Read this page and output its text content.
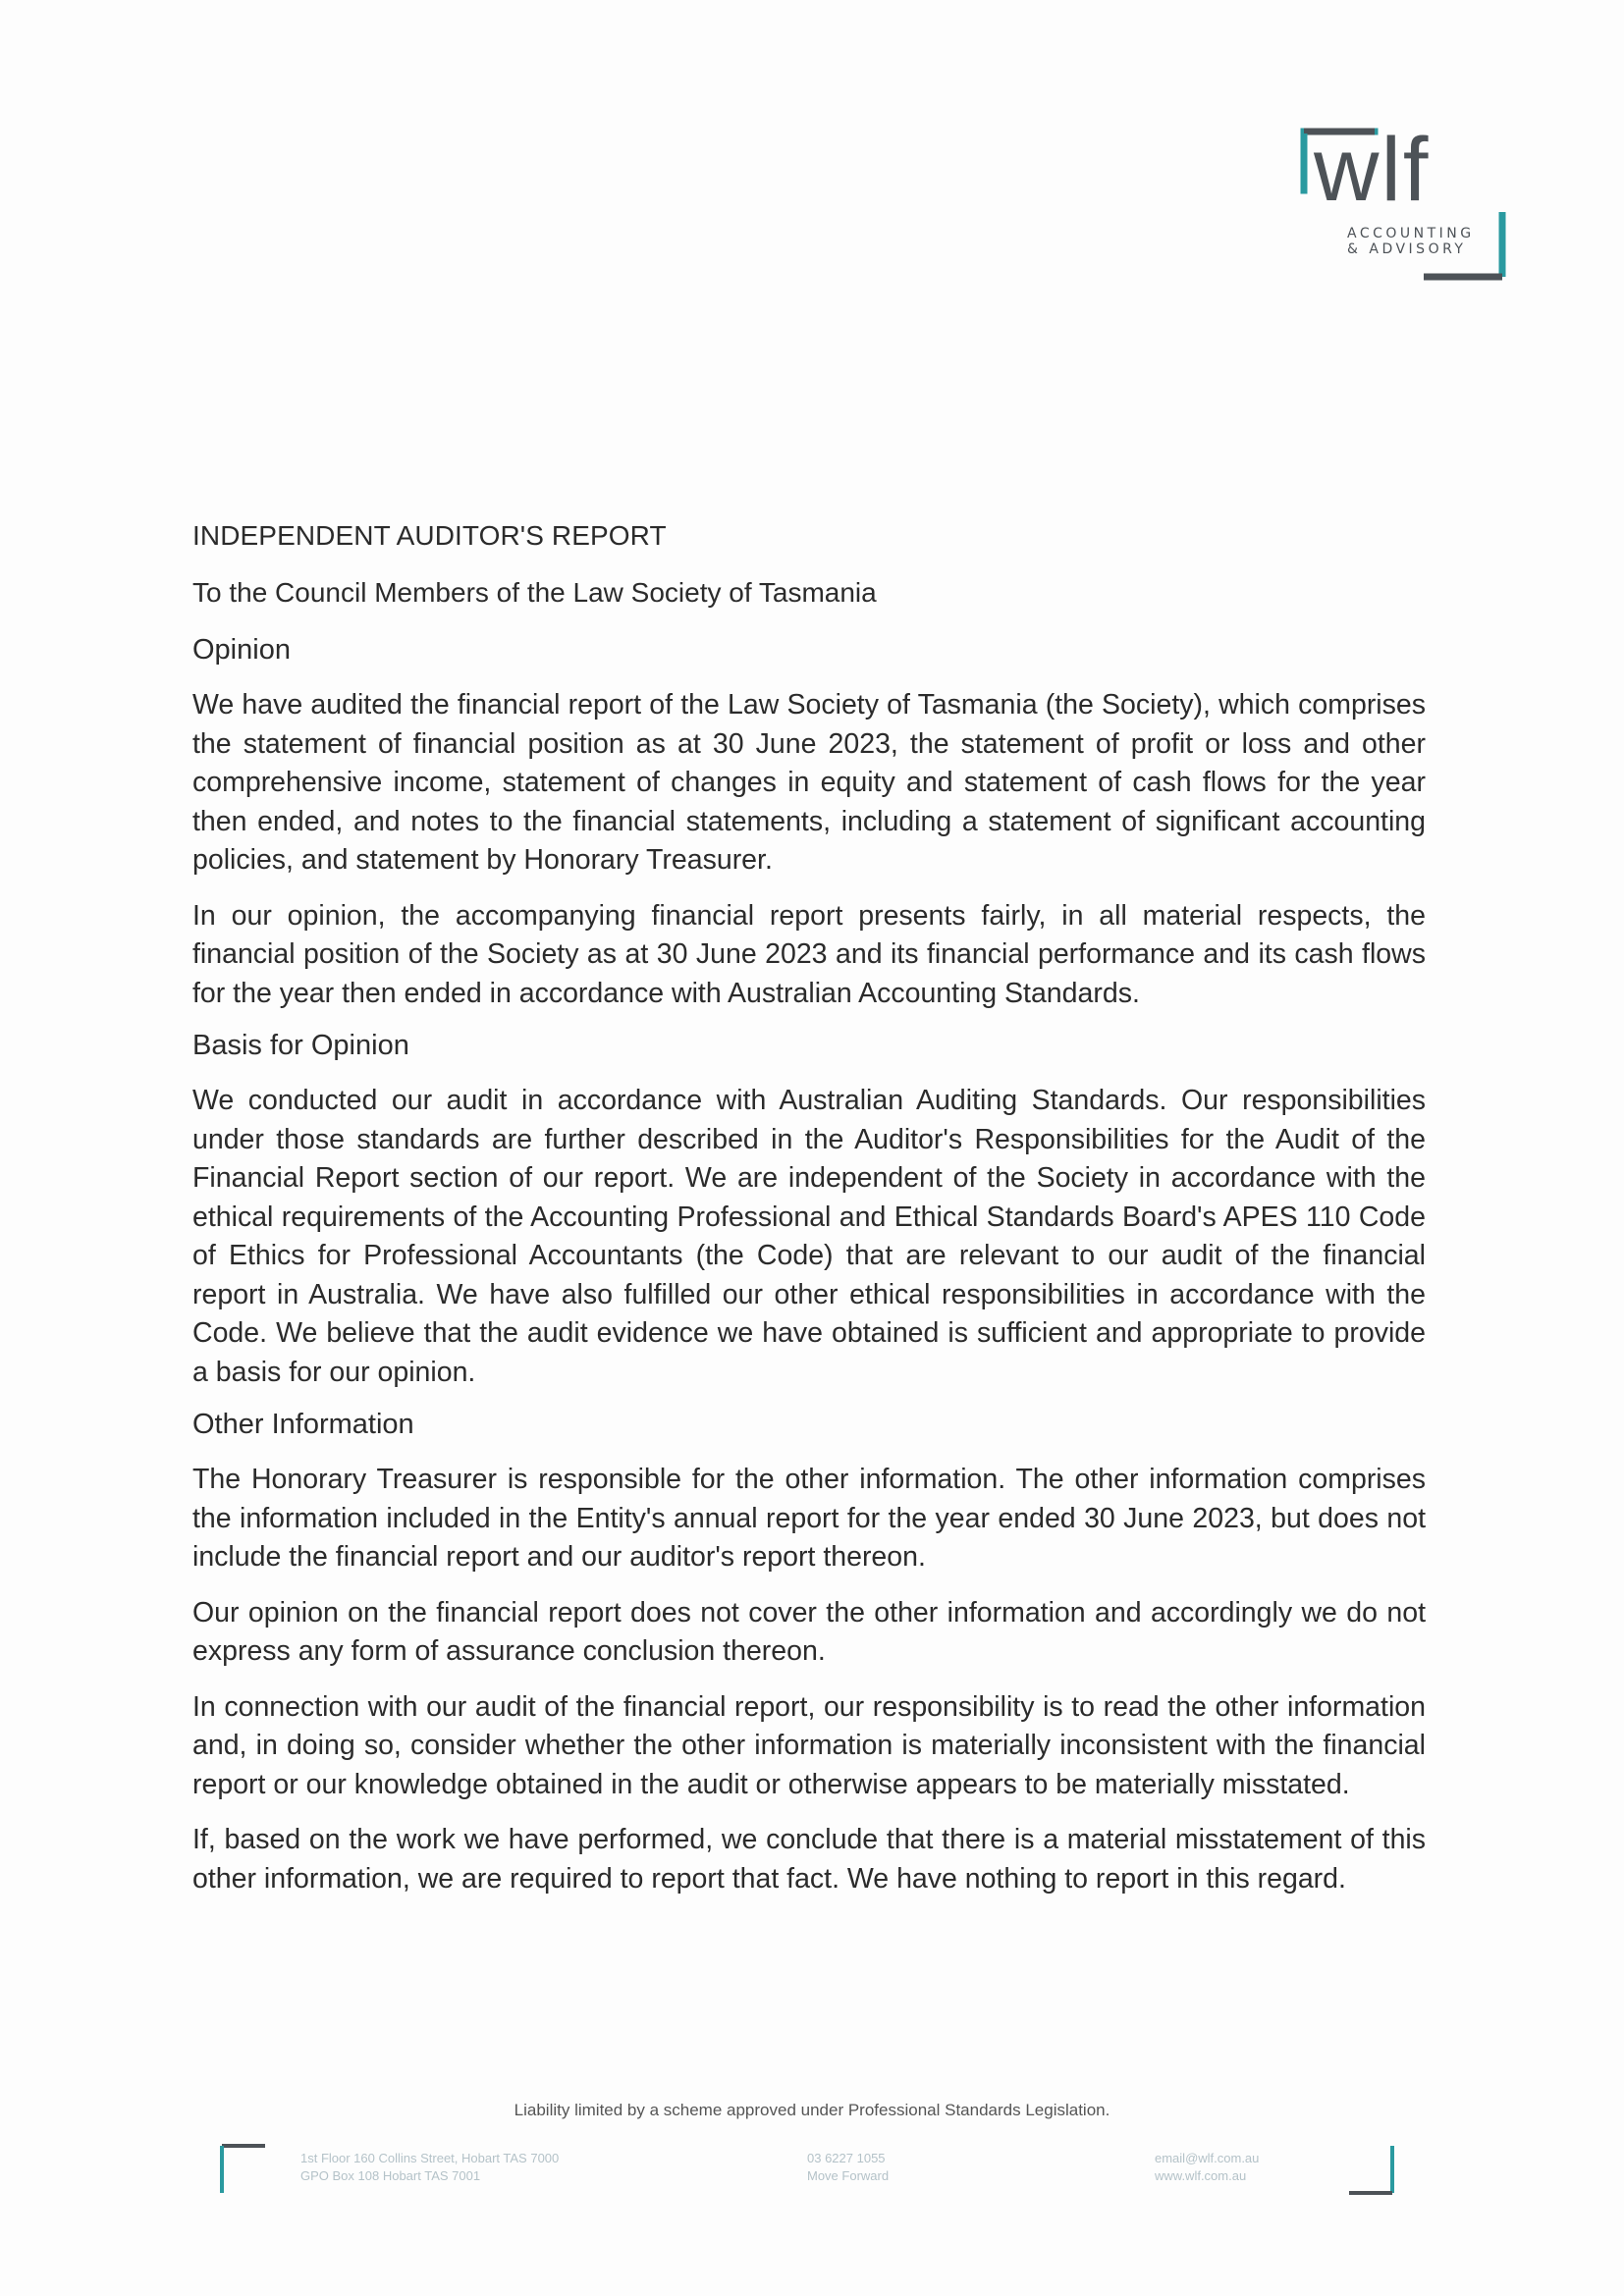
wlf
ACCOUNTING
& ADVISORY
INDEPENDENT AUDITOR'S REPORT
To the Council Members of the Law Society of Tasmania
Opinion

We have audited the financial report of the Law Society of Tasmania (the Society), which comprises the statement of financial position as at 30 June 2023, the statement of profit or loss and other comprehensive income, statement of changes in equity and statement of cash flows for the year then ended, and notes to the financial statements, including a statement of significant accounting policies, and statement by Honorary Treasurer.

In our opinion, the accompanying financial report presents fairly, in all material respects, the financial position of the Society as at 30 June 2023 and its financial performance and its cash flows for the year then ended in accordance with Australian Accounting Standards.

Basis for Opinion

We conducted our audit in accordance with Australian Auditing Standards. Our responsibilities under those standards are further described in the Auditor's Responsibilities for the Audit of the Financial Report section of our report. We are independent of the Society in accordance with the ethical requirements of the Accounting Professional and Ethical Standards Board's APES 110 Code of Ethics for Professional Accountants (the Code) that are relevant to our audit of the financial report in Australia. We have also fulfilled our other ethical responsibilities in accordance with the Code. We believe that the audit evidence we have obtained is sufficient and appropriate to provide a basis for our opinion.

Other Information

The Honorary Treasurer is responsible for the other information. The other information comprises the information included in the Entity's annual report for the year ended 30 June 2023, but does not include the financial report and our auditor's report thereon.

Our opinion on the financial report does not cover the other information and accordingly we do not express any form of assurance conclusion thereon.

In connection with our audit of the financial report, our responsibility is to read the other information and, in doing so, consider whether the other information is materially inconsistent with the financial report or our knowledge obtained in the audit or otherwise appears to be materially misstated.

If, based on the work we have performed, we conclude that there is a material misstatement of this other information, we are required to report that fact. We have nothing to report in this regard.

Liability limited by a scheme approved under Professional Standards Legislation.
1st Floor 160 Collins Street, Hobart TAS 7000
GPO Box 108 Hobart TAS 7001
03 6227 1055
Move Forward
email@wlf.com.au
www.wlf.com.au
